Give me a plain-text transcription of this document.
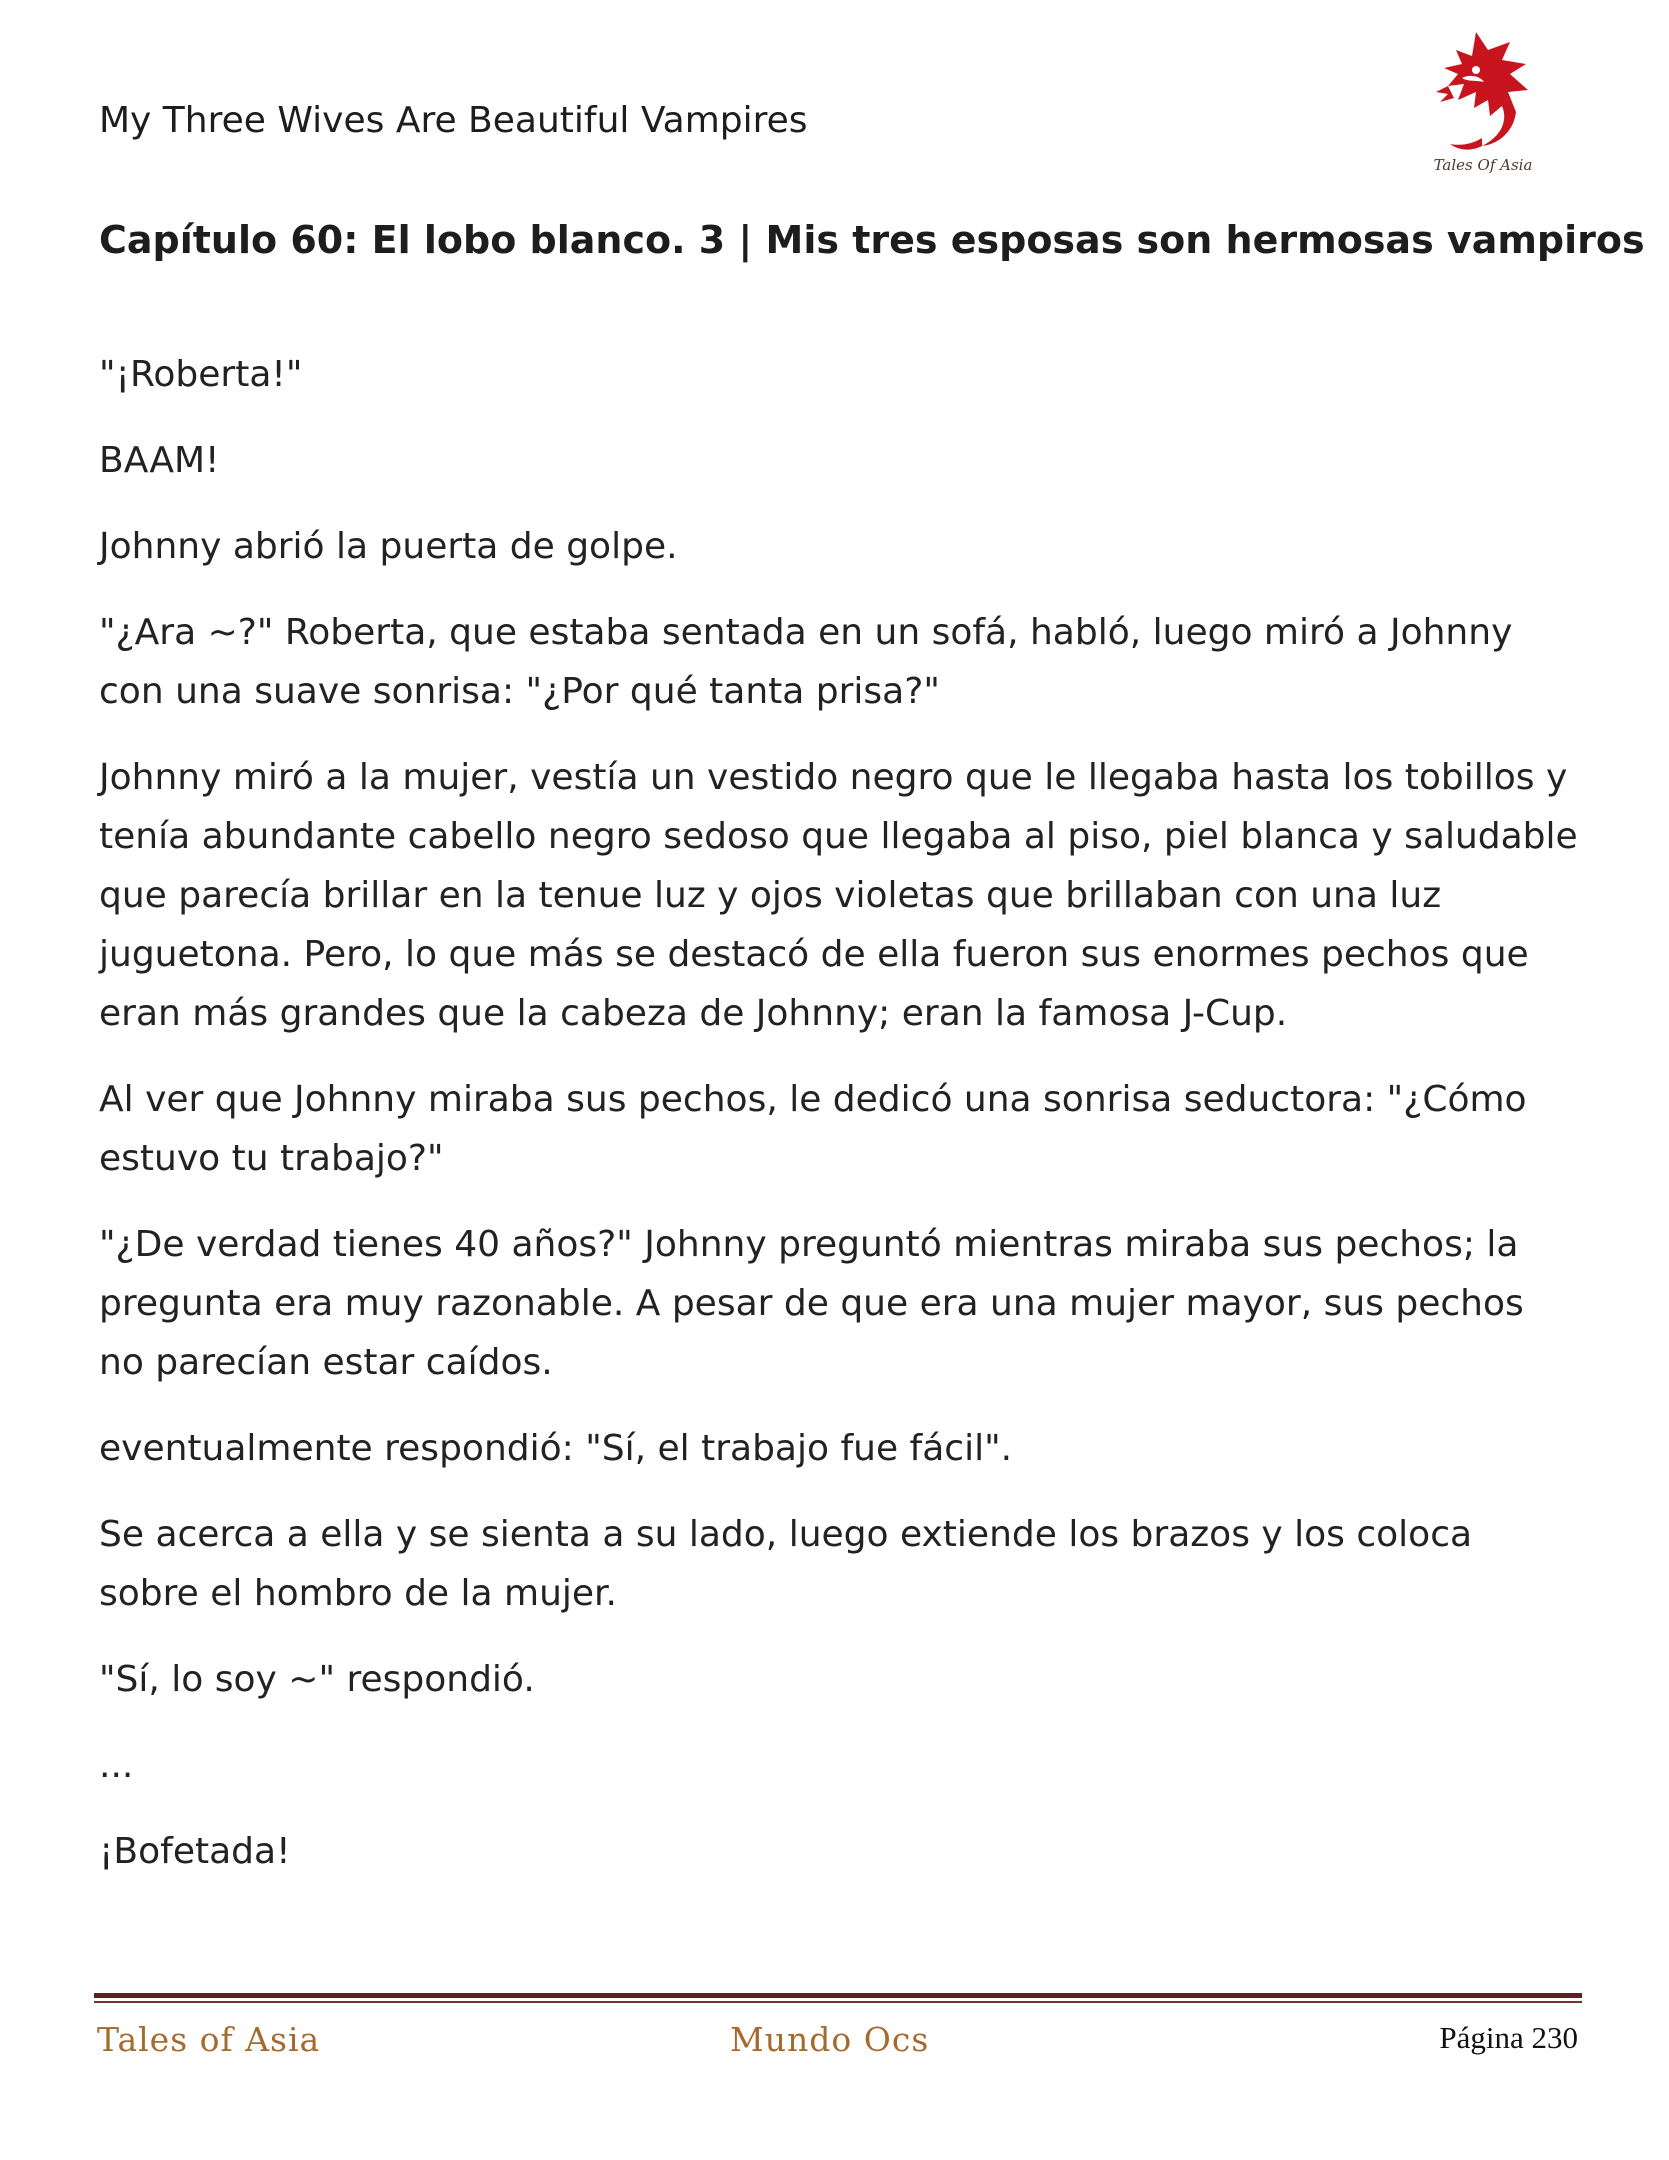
My Three Wives Are Beautiful Vampires
Tales Of Asia
Capítulo 60: El lobo blanco. 3 | Mis tres esposas son hermosas vampiros

"¡Roberta!"

BAAM!

Johnny abrió la puerta de golpe.

"¿Ara ~?" Roberta, que estaba sentada en un sofá, habló, luego miró a Johnny con una suave sonrisa: "¿Por qué tanta prisa?"

Johnny miró a la mujer, vestía un vestido negro que le llegaba hasta los tobillos y tenía abundante cabello negro sedoso que llegaba al piso, piel blanca y saludable que parecía brillar en la tenue luz y ojos violetas que brillaban con una luz juguetona. Pero, lo que más se destacó de ella fueron sus enormes pechos que eran más grandes que la cabeza de Johnny; eran la famosa J-Cup.

Al ver que Johnny miraba sus pechos, le dedicó una sonrisa seductora: "¿Cómo estuvo tu trabajo?"

"¿De verdad tienes 40 años?" Johnny preguntó mientras miraba sus pechos; la pregunta era muy razonable. A pesar de que era una mujer mayor, sus pechos no parecían estar caídos.

eventualmente respondió: "Sí, el trabajo fue fácil".

Se acerca a ella y se sienta a su lado, luego extiende los brazos y los coloca sobre el hombro de la mujer.

"Sí, lo soy ~" respondió.

...

¡Bofetada!

Tales of Asia	Mundo Ocs	Página 230
